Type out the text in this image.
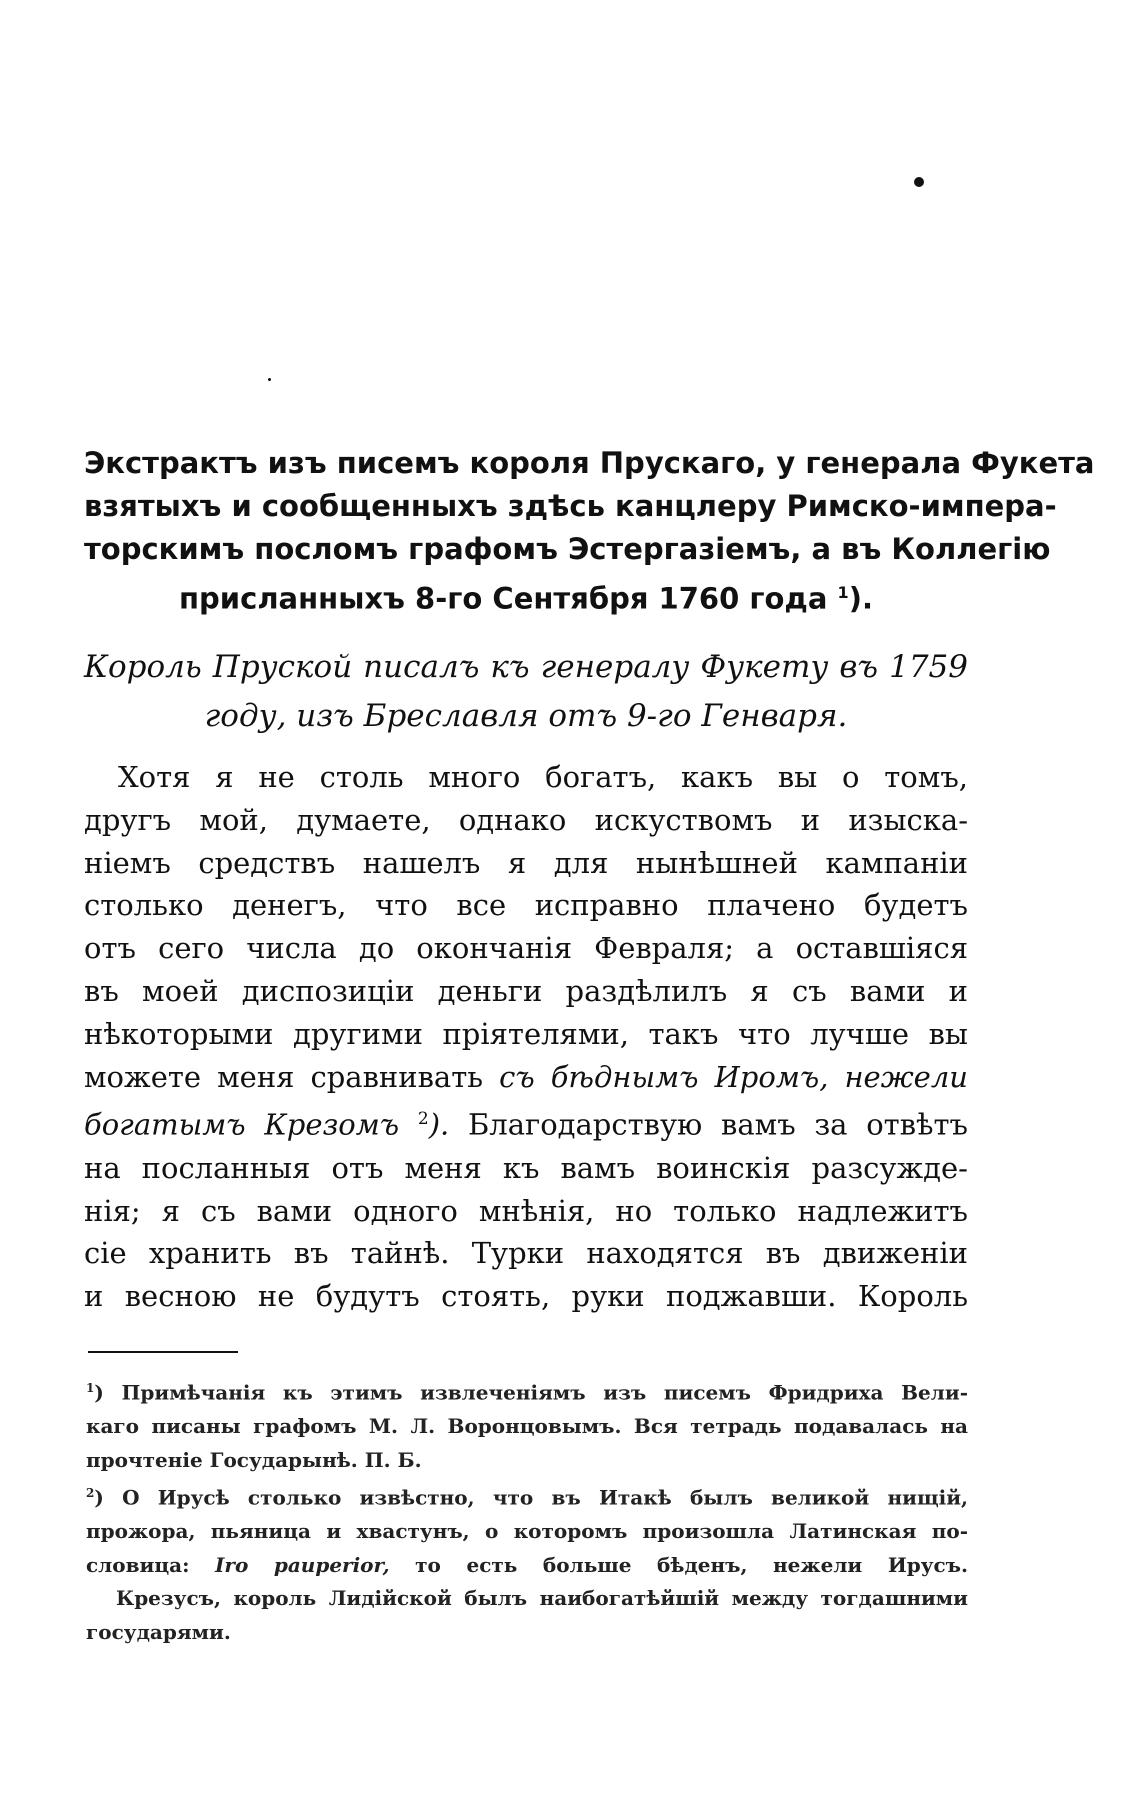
Экстрактъ изъ писемъ короля Прускаго, у генерала Фукета
взятыхъ и сообщенныхъ здѣсь канцлеру Римско-импера-
торскимъ посломъ графомъ Эстергазіемъ, а въ Коллегію
присланныхъ 8-го Сентября 1760 года $^1$).
Король Пруской писалъ къ генералу Фукету въ 1759
году, изъ Бреславля отъ 9-го Генваря.
Хотя я не столь много богатъ, какъ вы о томъ,
другъ мой, думаете, однако искуствомъ и изыска-
ніемъ средствъ нашелъ я для нынѣшней кампаніи
столько денегъ, что все исправно плачено будетъ
отъ сего числа до окончанія Февраля; а оставшіяся
въ моей диспозиціи деньги раздѣлилъ я съ вами и
нѣкоторыми другими пріятелями, такъ что лучше вы
можете меня сравнивать съ бѣднымъ Иромъ, нежели
богатымъ Крезомъ $^2$). Благодарствую вамъ за отвѣтъ
на посланныя отъ меня къ вамъ воинскія разсужде-
нія; я съ вами одного мнѣнія, но только надлежитъ
сіе хранить въ тайнѣ. Турки находятся въ движеніи
и весною не будутъ стоять, руки поджавши. Король
$^1$) Примѣчанія къ этимъ извлеченіямъ изъ писемъ Фридриха Вели-
каго писаны графомъ М. Л. Воронцовымъ. Вся тетрадь подавалась на
прочтеніе Государынѣ. П. Б.
$^2$) О Ирусѣ столько извѣстно, что въ Итакѣ былъ великой нищій,
прожора, пьяница и хвастунъ, о которомъ произошла Латинская по-
словица: Iro pauperior, то есть больше бѣденъ, нежели Ирусъ.
Крезусъ, король Лидійской былъ наибогатѣйшій между тогдашними
государями.
